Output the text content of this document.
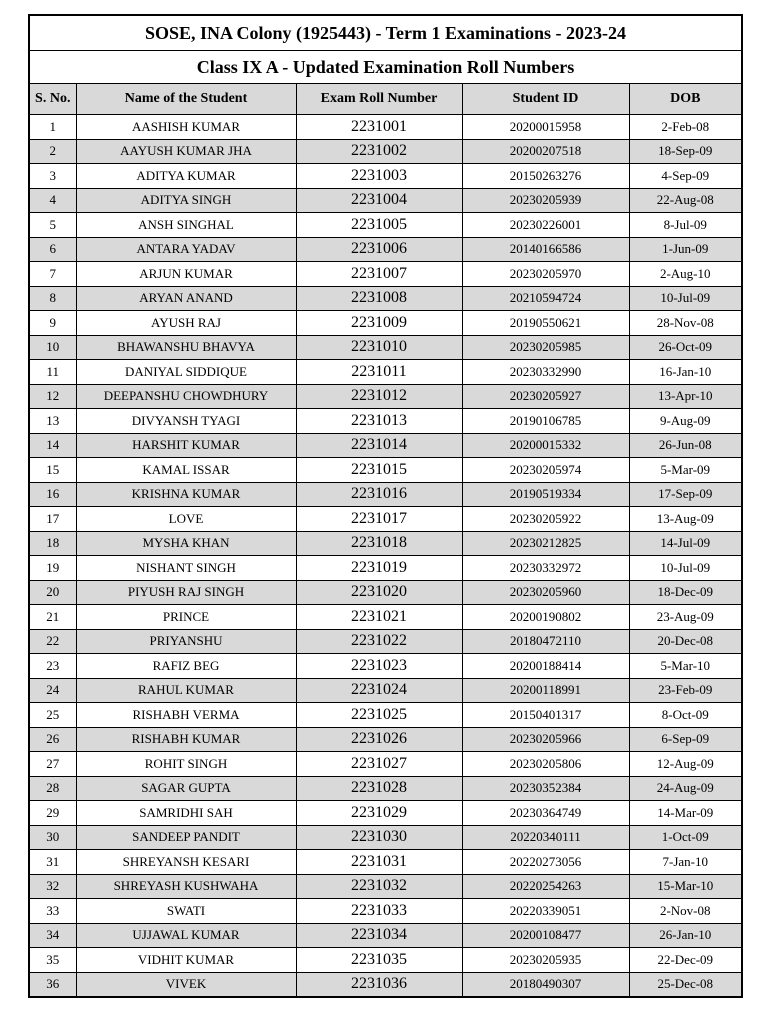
SOSE, INA Colony (1925443) - Term 1 Examinations - 2023-24				
Class IX A - Updated Examination Roll Numbers				
S. No.	Name of the Student	Exam Roll Number	Student ID	DOB
1	AASHISH KUMAR	2231001	20200015958	2-Feb-08
2	AAYUSH KUMAR JHA	2231002	20200207518	18-Sep-09
3	ADITYA KUMAR	2231003	20150263276	4-Sep-09
4	ADITYA SINGH	2231004	20230205939	22-Aug-08
5	ANSH SINGHAL	2231005	20230226001	8-Jul-09
6	ANTARA YADAV	2231006	20140166586	1-Jun-09
7	ARJUN KUMAR	2231007	20230205970	2-Aug-10
8	ARYAN ANAND	2231008	20210594724	10-Jul-09
9	AYUSH RAJ	2231009	20190550621	28-Nov-08
10	BHAWANSHU BHAVYA	2231010	20230205985	26-Oct-09
11	DANIYAL SIDDIQUE	2231011	20230332990	16-Jan-10
12	DEEPANSHU CHOWDHURY	2231012	20230205927	13-Apr-10
13	DIVYANSH TYAGI	2231013	20190106785	9-Aug-09
14	HARSHIT KUMAR	2231014	20200015332	26-Jun-08
15	KAMAL ISSAR	2231015	20230205974	5-Mar-09
16	KRISHNA KUMAR	2231016	20190519334	17-Sep-09
17	LOVE	2231017	20230205922	13-Aug-09
18	MYSHA KHAN	2231018	20230212825	14-Jul-09
19	NISHANT SINGH	2231019	20230332972	10-Jul-09
20	PIYUSH RAJ SINGH	2231020	20230205960	18-Dec-09
21	PRINCE	2231021	20200190802	23-Aug-09
22	PRIYANSHU	2231022	20180472110	20-Dec-08
23	RAFIZ BEG	2231023	20200188414	5-Mar-10
24	RAHUL KUMAR	2231024	20200118991	23-Feb-09
25	RISHABH VERMA	2231025	20150401317	8-Oct-09
26	RISHABH KUMAR	2231026	20230205966	6-Sep-09
27	ROHIT SINGH	2231027	20230205806	12-Aug-09
28	SAGAR GUPTA	2231028	20230352384	24-Aug-09
29	SAMRIDHI SAH	2231029	20230364749	14-Mar-09
30	SANDEEP PANDIT	2231030	20220340111	1-Oct-09
31	SHREYANSH KESARI	2231031	20220273056	7-Jan-10
32	SHREYASH KUSHWAHA	2231032	20220254263	15-Mar-10
33	SWATI	2231033	20220339051	2-Nov-08
34	UJJAWAL KUMAR	2231034	20200108477	26-Jan-10
35	VIDHIT KUMAR	2231035	20230205935	22-Dec-09
36	VIVEK	2231036	20180490307	25-Dec-08
